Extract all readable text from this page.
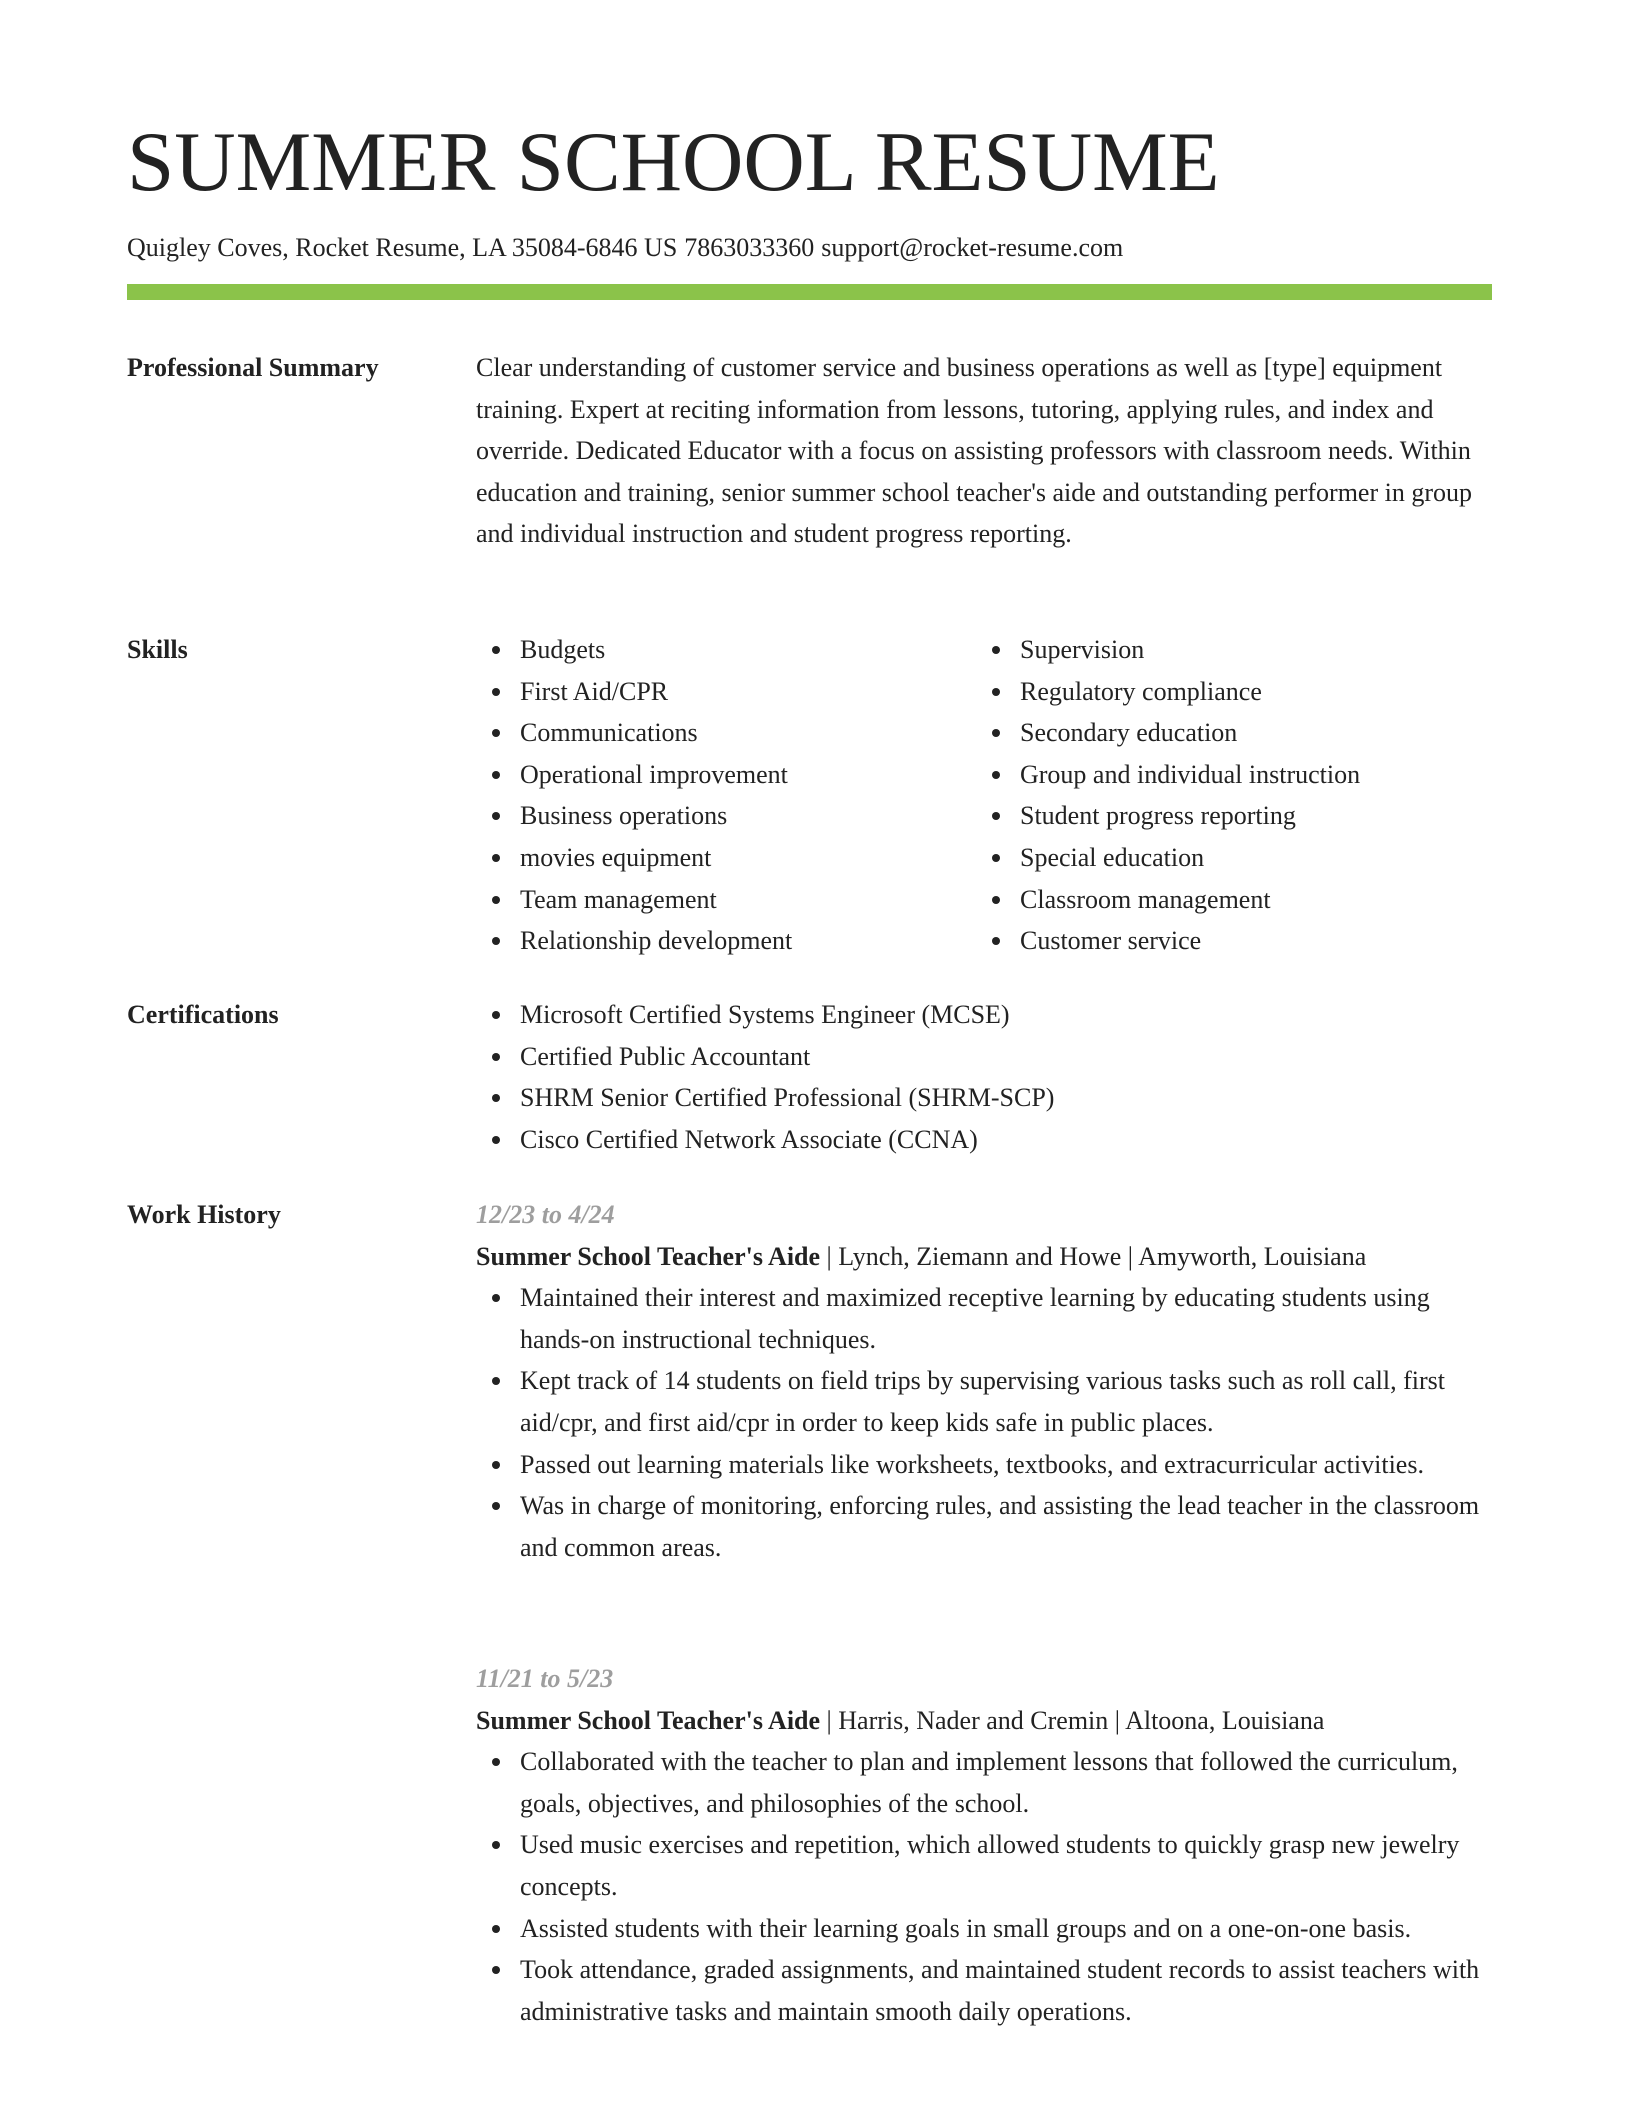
SUMMER SCHOOL RESUME
Quigley Coves, Rocket Resume, LA 35084-6846 US 7863033360 support@rocket-resume.com
Professional Summary	Clear understanding of customer service and business operations as well as [type] equipment training. Expert at reciting information from lessons, tutoring, applying rules, and index and override. Dedicated Educator with a focus on assisting professors with classroom needs. Within education and training, senior summer school teacher's aide and outstanding performer in group and individual instruction and student progress reporting.

Skills	Budgets
First Aid/CPR
Communications
Operational improvement
Business operations
movies equipment
Team management
Relationship development
Supervision
Regulatory compliance
Secondary education
Group and individual instruction
Student progress reporting
Special education
Classroom management
Customer service
Certifications	Microsoft Certified Systems Engineer (MCSE)
Certified Public Accountant
SHRM Senior Certified Professional (SHRM-SCP)
Cisco Certified Network Associate (CCNA)
Work History	12/23 to 4/24
Summer School Teacher's Aide | Lynch, Ziemann and Howe | Amyworth, Louisiana
Maintained their interest and maximized receptive learning by educating students using hands-on instructional techniques.
Kept track of 14 students on field trips by supervising various tasks such as roll call, first aid/cpr, and first aid/cpr in order to keep kids safe in public places.
Passed out learning materials like worksheets, textbooks, and extracurricular activities.
Was in charge of monitoring, enforcing rules, and assisting the lead teacher in the classroom and common areas.
11/21 to 5/23
Summer School Teacher's Aide | Harris, Nader and Cremin | Altoona, Louisiana
Collaborated with the teacher to plan and implement lessons that followed the curriculum, goals, objectives, and philosophies of the school.
Used music exercises and repetition, which allowed students to quickly grasp new jewelry concepts.
Assisted students with their learning goals in small groups and on a one-on-one basis.
Took attendance, graded assignments, and maintained student records to assist teachers with administrative tasks and maintain smooth daily operations.
